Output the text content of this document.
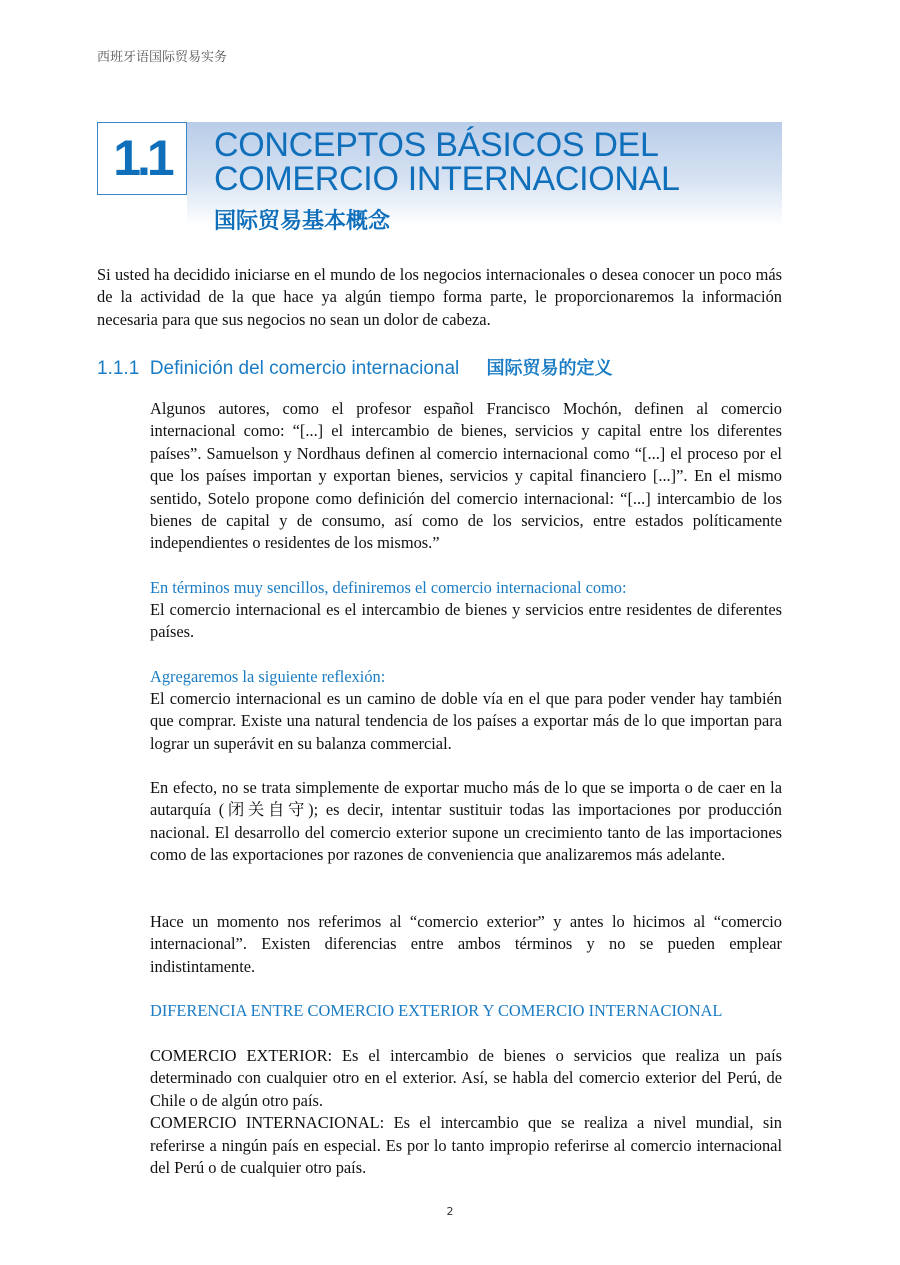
西班牙语国际贸易实务
1.1	CONCEPTOS BÁSICOS DEL
COMERCIO INTERNACIONAL
国际贸易基本概念

Si usted ha decidido iniciarse en el mundo de los negocios internacionales o desea conocer un poco más de la actividad de la que hace ya algún tiempo forma parte, le proporcionaremos la información necesaria para que sus negocios no sean un dolor de cabeza.

1.1.1 Definición del comercio internacional 国际贸易的定义

Algunos autores, como el profesor español Francisco Mochón, definen al comercio internacional como: “[...] el intercambio de bienes, servicios y capital entre los diferentes países”. Samuelson y Nordhaus definen al comercio internacional como “[...] el proceso por el que los países importan y exportan bienes, servicios y capital financiero [...]”. En el mismo sentido, Sotelo propone como definición del comercio internacional: “[...] intercambio de los bienes de capital y de consumo, así como de los servicios, entre estados políticamente independientes o residentes de los mismos.”

En términos muy sencillos, definiremos el comercio internacional como:

El comercio internacional es el intercambio de bienes y servicios entre residentes de diferentes países.

Agregaremos la siguiente reflexión:

El comercio internacional es un camino de doble vía en el que para poder vender hay también que comprar. Existe una natural tendencia de los países a exportar más de lo que importan para lograr un superávit en su balanza commercial.

En efecto, no se trata simplemente de exportar mucho más de lo que se importa o de caer en la autarquía (闭关自守); es decir, intentar sustituir todas las importaciones por producción nacional. El desarrollo del comercio exterior supone un crecimiento tanto de las importaciones como de las exportaciones por razones de conveniencia que analizaremos más adelante.

Hace un momento nos referimos al “comercio exterior” y antes lo hicimos al “comercio internacional”. Existen diferencias entre ambos términos y no se pueden emplear indistintamente.

DIFERENCIA ENTRE COMERCIO EXTERIOR Y COMERCIO INTERNACIONAL

COMERCIO EXTERIOR: Es el intercambio de bienes o servicios que realiza un país determinado con cualquier otro en el exterior. Así, se habla del comercio exterior del Perú, de Chile o de algún otro país.

COMERCIO INTERNACIONAL: Es el intercambio que se realiza a nivel mundial, sin referirse a ningún país en especial. Es por lo tanto impropio referirse al comercio internacional del Perú o de cualquier otro país.

2
